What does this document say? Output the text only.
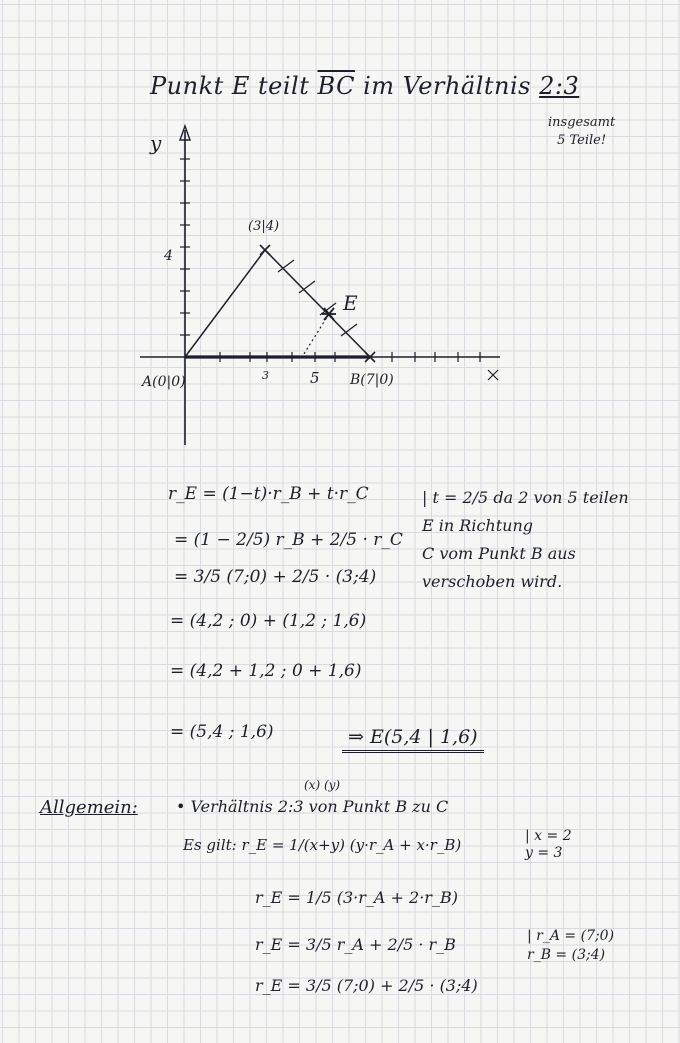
Punkt E teilt $\overline{BC}$ im Verhältnis 2:3
insgesamt
5 Teile!
y
4
(3|4)
E
A(0|0)	3	5 B(7|0)
r_E = (1−t)·r_B + t·r_C
= (1 − 2/5) r_B + 2/5 · r_C
= 3/5 (7;0) + 2/5 · (3;4)
= (4,2 ; 0) + (1,2 ; 1,6)
= (4,2 + 1,2 ; 0 + 1,6)
= (5,4 ; 1,6)	⇒ E(5,4 | 1,6)
| t = 2/5 da 2 von 5 teilen
E in Richtung
C vom Punkt B aus
verschoben wird.
Allgemein:
(x) (y)
• Verhältnis 2:3 von Punkt B zu C
Es gilt: r_E = 1/(x+y) (y·r_A + x·r_B)	| x = 2
y = 3
r_E = 1/5 (3·r_A + 2·r_B)
r_E = 3/5 r_A + 2/5 · r_B	| r_A = (7;0)
r_B = (3;4)
r_E = 3/5 (7;0) + 2/5 · (3;4)
